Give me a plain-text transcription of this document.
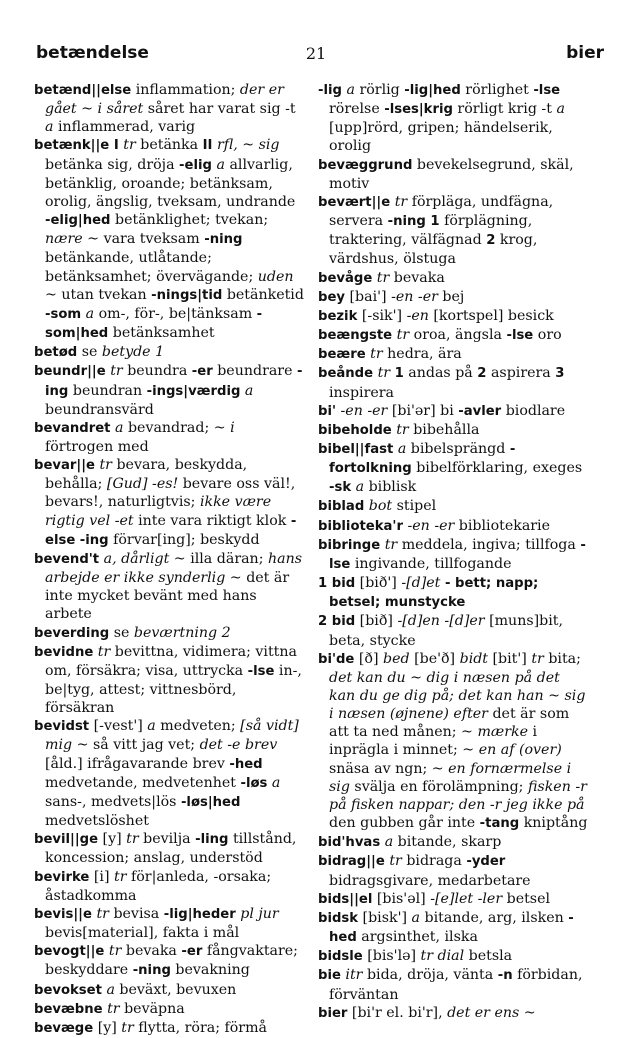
betændelse	21	bier
betænd||else inflammation; der er gået ~ i såret såret har varat sig -t a inflammerad, varig
betænk||e I tr betänka II rfl, ~ sig betänka sig, dröja -elig a allvarlig, betänklig, oroande; betänksam, orolig, ängslig, tveksam, undrande -elig|hed betänklighet; tvekan; nære ~ vara tveksam -ning betänkande, utlåtande; betänksamhet; övervägande; uden ~ utan tvekan -nings|tid betänketid -som a om-, för-, be|tänksam -som|hed betänksamhet
betød se betyde 1
beundr||e tr beundra -er beundrare -ing beundran -ings|værdig a beundransvärd
bevandret a bevandrad; ~ i förtrogen med
bevar||e tr bevara, beskydda, behålla; [Gud] -es! bevare oss väl!, bevars!, naturligtvis; ikke være rigtig vel -et inte vara riktigt klok -else -ing förvar[ing]; beskydd
bevend't a, dårligt ~ illa däran; hans arbejde er ikke synderlig ~ det är inte mycket bevänt med hans arbete
beverding se beværtning 2
bevidne tr bevittna, vidimera; vittna om, försäkra; visa, uttrycka -lse in-, be|tyg, attest; vittnesbörd, försäkran
bevidst [-vest'] a medveten; [så vidt] mig ~ så vitt jag vet; det -e brev [åld.] ifrågavarande brev -hed medvetande, medvetenhet -løs a sans-, medvets|lös -løs|hed medvetslöshet
bevil||ge [y] tr bevilja -ling tillstånd, koncession; anslag, understöd
bevirke [i] tr för|anleda, -orsaka; åstadkomma
bevis||e tr bevisa -lig|heder pl jur bevis[material], fakta i mål
bevogt||e tr bevaka -er fångvaktare; beskyddare -ning bevakning
bevokset a beväxt, bevuxen
bevæbne tr beväpna
bevæge [y] tr flytta, röra; förmå
-lig a rörlig -lig|hed rörlighet -lse rörelse -lses|krig rörligt krig -t a [upp]rörd, gripen; händelserik, orolig
bevæggrund bevekelsegrund, skäl, motiv
bevært||e tr förpläga, undfägna, servera -ning 1 förplägning, traktering, välfägnad 2 krog, värdshus, ölstuga
bevåge tr bevaka
bey [bai'] -en -er bej
bezik [-sik'] -en [kortspel] besick
beængste tr oroa, ängsla -lse oro
beære tr hedra, ära
beånde tr 1 andas på 2 aspirera 3 inspirera
bi' -en -er [bi'ər] bi -avler biodlare
bibeholde tr bibehålla
bibel||fast a bibelsprängd -fortolkning bibelförklaring, exeges -sk a biblisk
biblad bot stipel
biblioteka'r -en -er bibliotekarie
bibringe tr meddela, ingiva; tillfoga -lse ingivande, tillfogande
1 bid [bið'] -[d]et - bett; napp; betsel; munstycke
2 bid [bið] -[d]en -[d]er [muns]bit, beta, stycke
bi'de [ð] bed [be'ð] bidt [bit'] tr bita; det kan du ~ dig i næsen på det kan du ge dig på; det kan han ~ sig i næsen (øjnene) efter det är som att ta ned månen; ~ mærke i inpräglа i minnet; ~ en af (over) snäsa av ngn; ~ en fornærmelse i sig svälja en förolämpning; fisken -r på fisken nappar; den -r jeg ikke på den gubben går inte -tang kniptång
bid'hvas a bitande, skarp
bidrag||e tr bidraga -yder bidragsgivare, medarbetare
bids||el [bis'əl] -[e]let -ler betsel
bidsk [bisk'] a bitande, arg, ilsken -hed argsinthet, ilska
bidsle [bis'lə] tr dial betsla
bie itr bida, dröja, vänta -n förbidan, förväntan
bier [bi'r el. bi'r], det er ens ~
